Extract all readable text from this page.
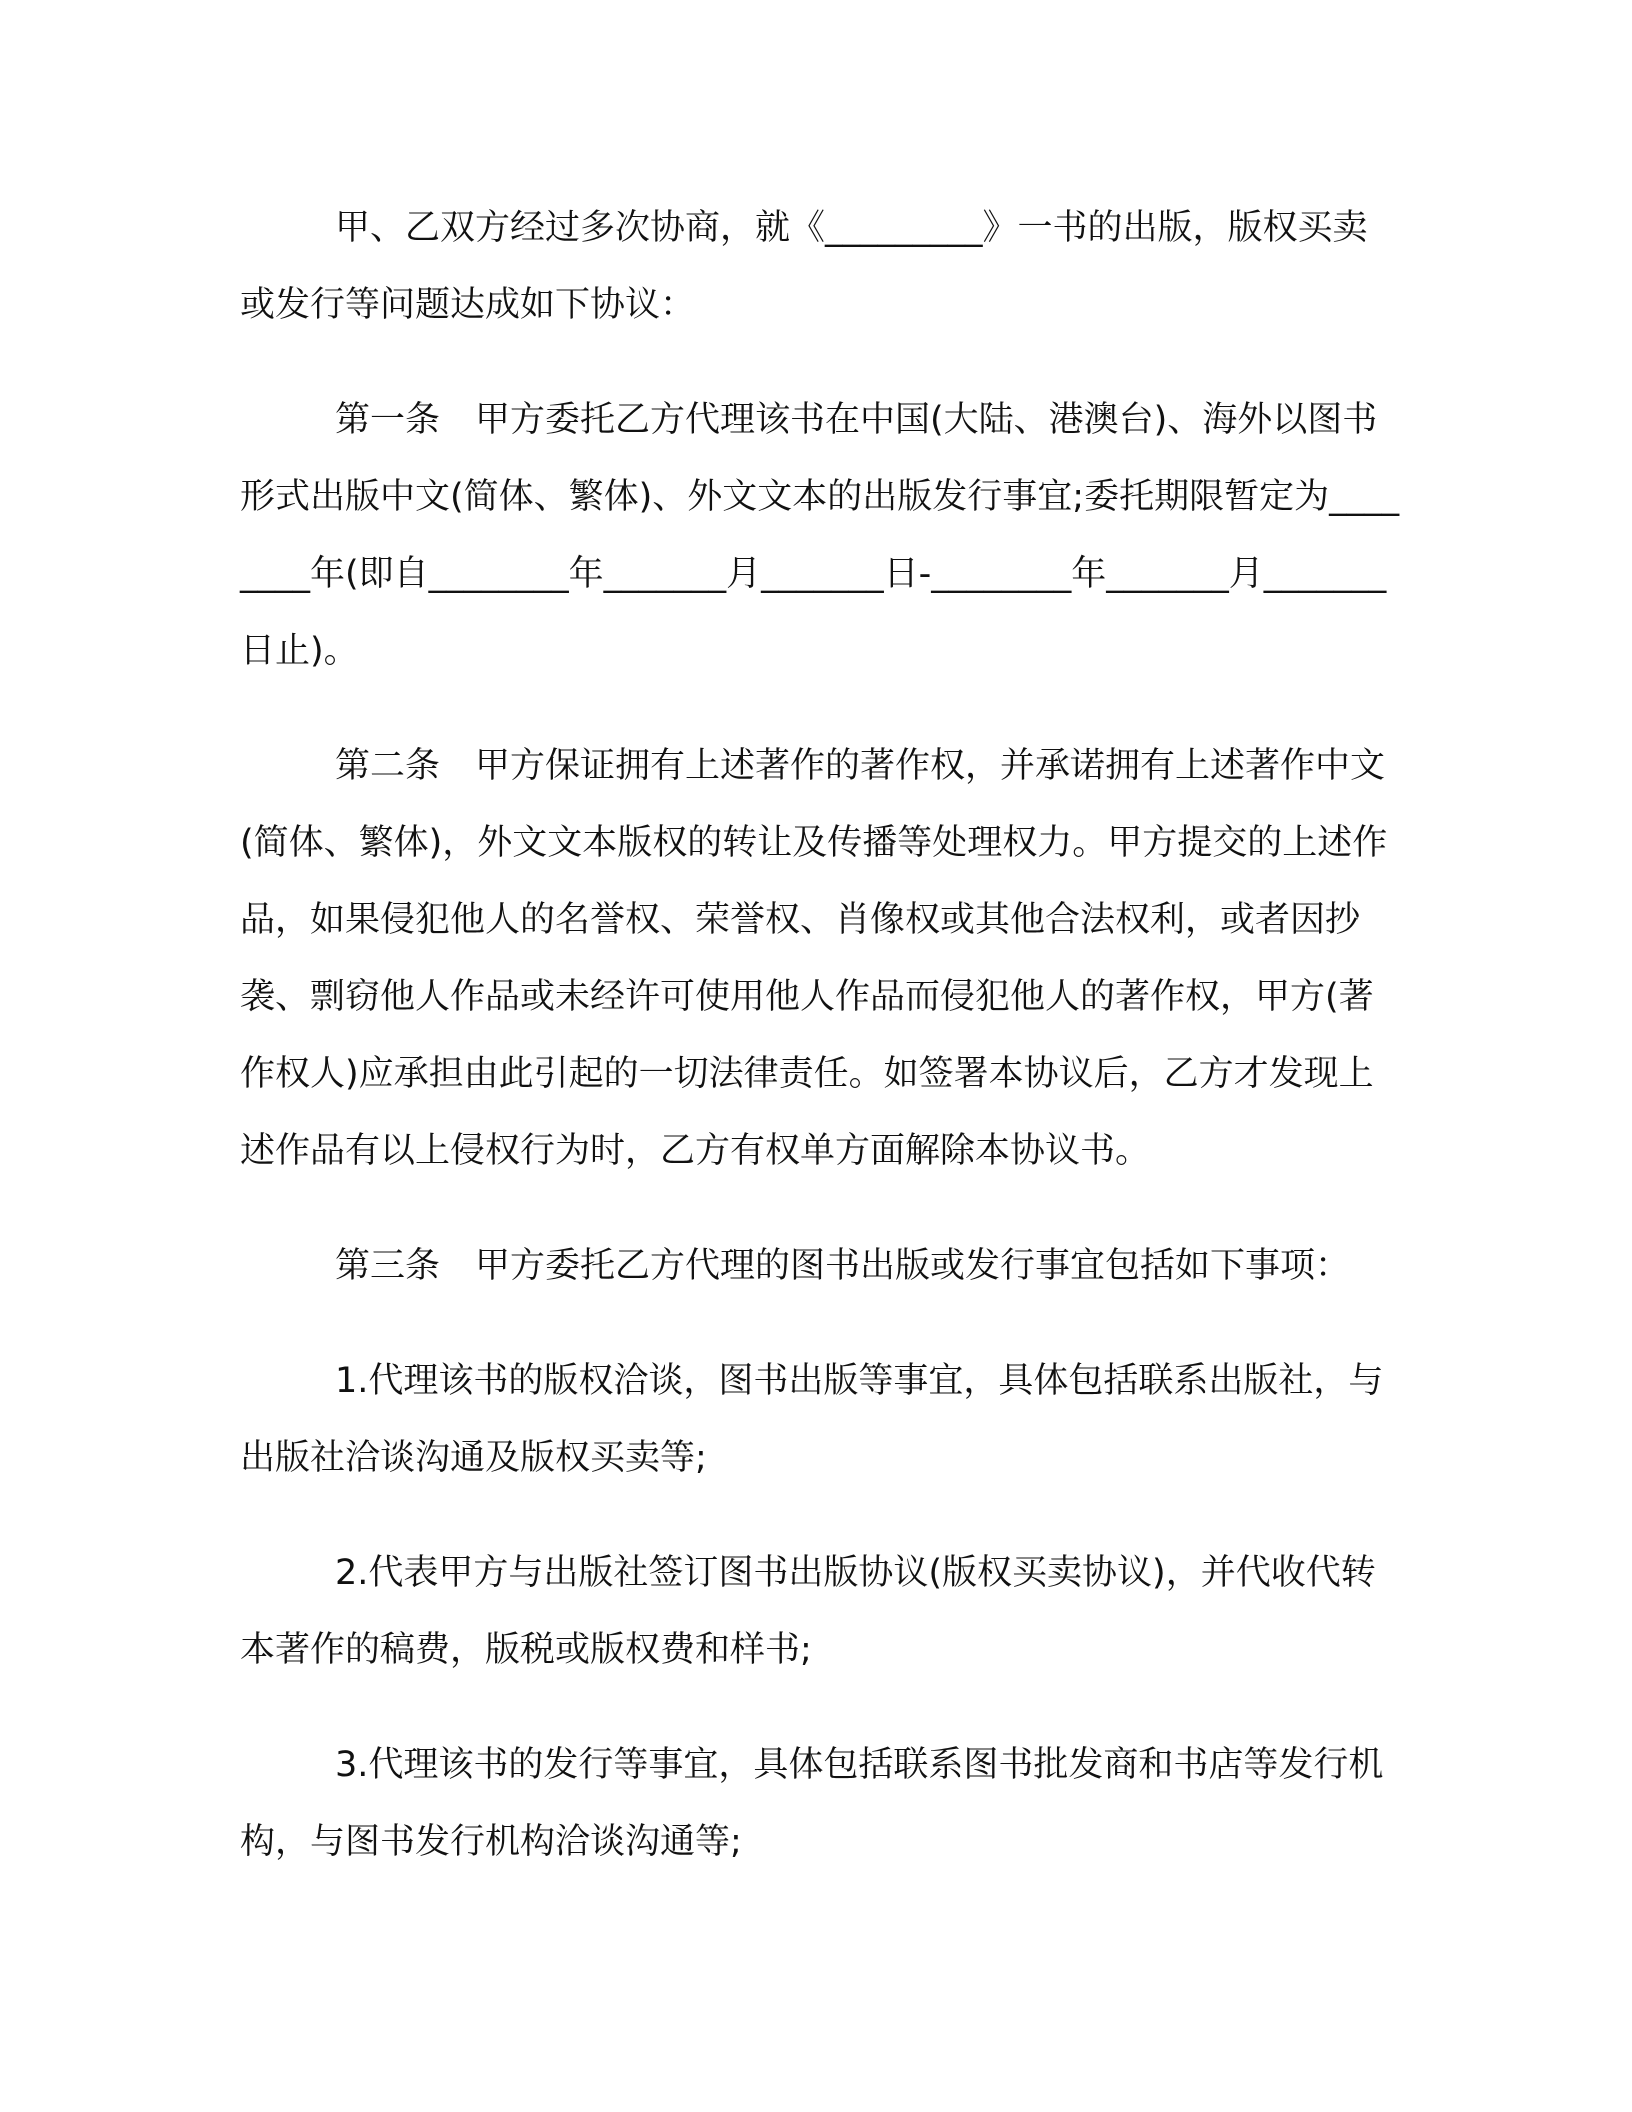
甲、乙双方经过多次协商，就《_________》一书的出版，版权买卖或发行等问题达成如下协议：

第一条　甲方委托乙方代理该书在中国(大陆、港澳台)、海外以图书形式出版中文(简体、繁体)、外文文本的出版发行事宜;委托期限暂定为________年(即自________年_______月_______日-________年_______月_______日止)。

第二条　甲方保证拥有上述著作的著作权，并承诺拥有上述著作中文(简体、繁体)，外文文本版权的转让及传播等处理权力。甲方提交的上述作品，如果侵犯他人的名誉权、荣誉权、肖像权或其他合法权利，或者因抄袭、剽窃他人作品或未经许可使用他人作品而侵犯他人的著作权，甲方(著作权人)应承担由此引起的一切法律责任。如签署本协议后，乙方才发现上述作品有以上侵权行为时，乙方有权单方面解除本协议书。

第三条　甲方委托乙方代理的图书出版或发行事宜包括如下事项：

1.代理该书的版权洽谈，图书出版等事宜，具体包括联系出版社，与出版社洽谈沟通及版权买卖等;

2.代表甲方与出版社签订图书出版协议(版权买卖协议)，并代收代转本著作的稿费，版税或版权费和样书;

3.代理该书的发行等事宜，具体包括联系图书批发商和书店等发行机构，与图书发行机构洽谈沟通等;
